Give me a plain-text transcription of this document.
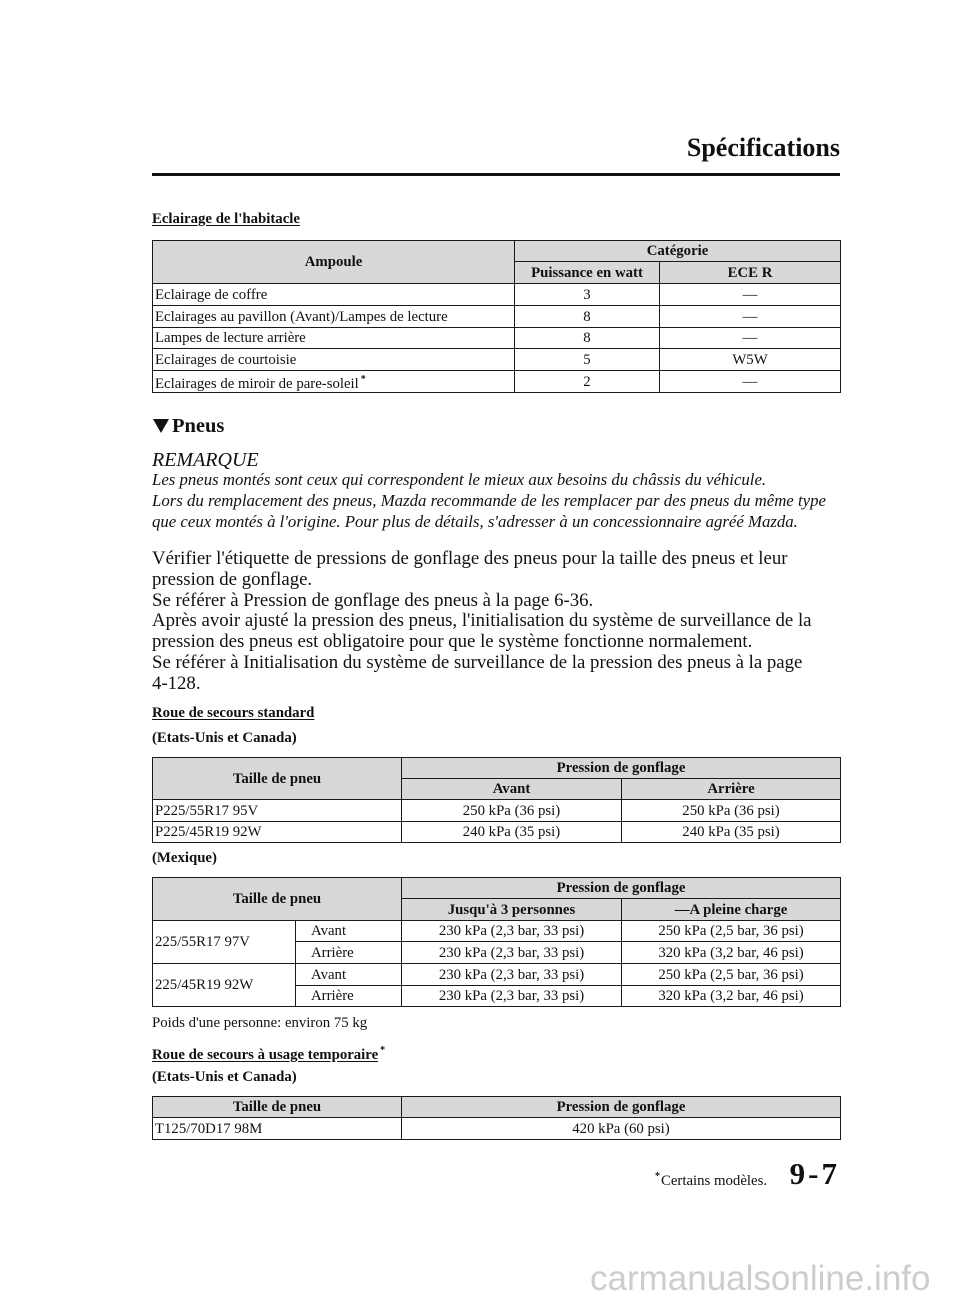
Spécifications
Eclairage de l'habitacle
Ampoule	Catégorie	
	Puissance en watt	ECE R
Eclairage de coffre	3	―
Eclairages au pavillon (Avant)/Lampes de lecture	8	―
Lampes de lecture arrière	8	―
Eclairages de courtoisie	5	W5W
Eclairages de miroir de pare-soleil *	2	―
Pneus
REMARQUE
Les pneus montés sont ceux qui correspondent le mieux aux besoins du châssis du véhicule.
Lors du remplacement des pneus, Mazda recommande de les remplacer par des pneus du même type
que ceux montés à l'origine. Pour plus de détails, s'adresser à un concessionnaire agréé Mazda.
Vérifier l'étiquette de pressions de gonflage des pneus pour la taille des pneus et leur
pression de gonflage.
Se référer à Pression de gonflage des pneus à la page 6-36.
Après avoir ajusté la pression des pneus, l'initialisation du système de surveillance de la
pression des pneus est obligatoire pour que le système fonctionne normalement.
Se référer à Initialisation du système de surveillance de la pression des pneus à la page
4-128.
Roue de secours standard
(Etats-Unis et Canada)
Taille de pneu	Pression de gonflage	
	Avant	Arrière
P225/55R17 95V	250 kPa (36 psi)	250 kPa (36 psi)
P225/45R19 92W	240 kPa (35 psi)	240 kPa (35 psi)
(Mexique)
Taille de pneu		Pression de gonflage	
		Jusqu'à 3 personnes	―A pleine charge
225/55R17 97V	Avant	230 kPa (2,3 bar, 33 psi)	250 kPa (2,5 bar, 36 psi)
	Arrière	230 kPa (2,3 bar, 33 psi)	320 kPa (3,2 bar, 46 psi)
225/45R19 92W	Avant	230 kPa (2,3 bar, 33 psi)	250 kPa (2,5 bar, 36 psi)
	Arrière	230 kPa (2,3 bar, 33 psi)	320 kPa (3,2 bar, 46 psi)
Poids d'une personne: environ 75 kg
Roue de secours à usage temporaire *
(Etats-Unis et Canada)
Taille de pneu	Pression de gonflage
T125/70D17 98M	420 kPa (60 psi)
*Certains modèles. 9-7
carmanualsonline.info
